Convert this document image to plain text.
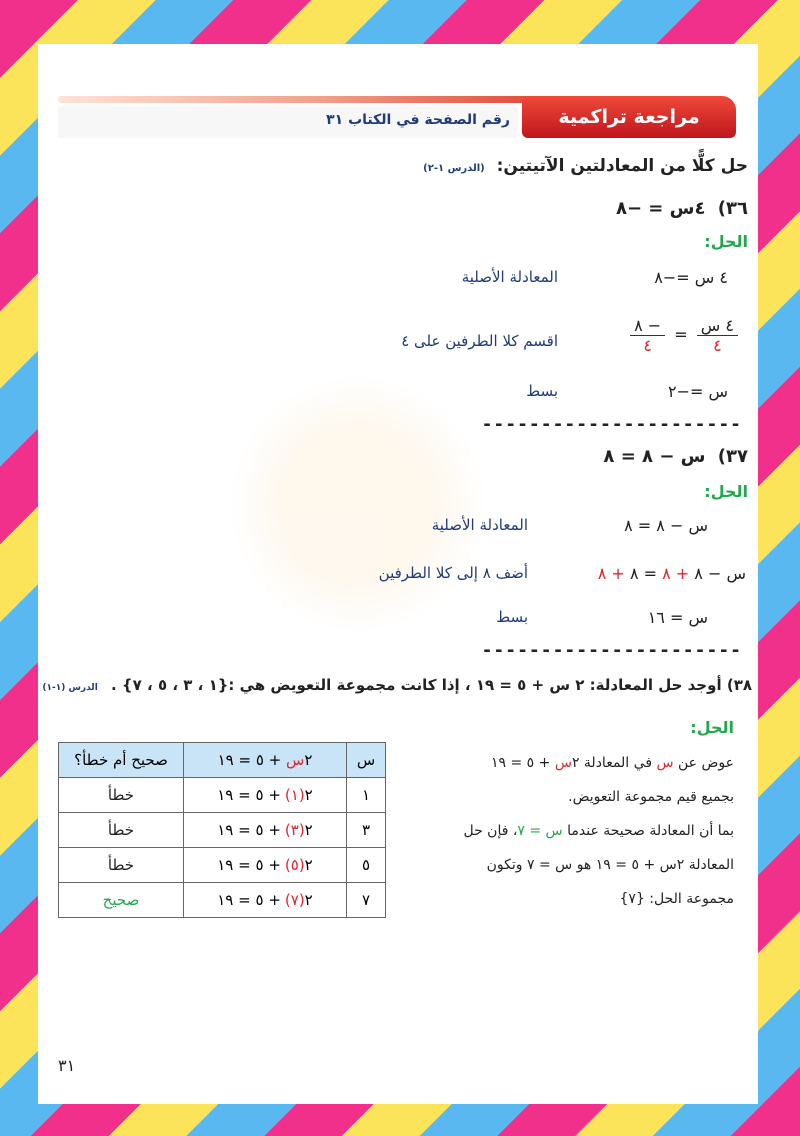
مراجعة تراكمية
رقم الصفحة في الكتاب ٣١
حل كلًّا من المعادلتين الآتيتين: (الدرس ١-٢)
٣٦) ٤س = −٨
الحل:
٤ س =−٨
المعادلة الأصلية
$\frac{\text{٤ س}}{٤}$
=
$\frac{- ٨}{٤}$
اقسم كلا الطرفين على ٤
س =−٢
بسط
----------------------
٣٧) س − ٨ = ٨
الحل:
س − ٨ = ٨
المعادلة الأصلية
س − ٨ + ٨ = ٨ + ٨
أضف ٨ إلى كلا الطرفين
س = ١٦
بسط
----------------------
٣٨) أوجد حل المعادلة: ٢ س + ٥ = ١٩ ، إذا كانت مجموعة التعويض هي :{١ ، ٣ ، ٥ ، ٧} . الدرس (١-١)
الحل:
عوض عن س في المعادلة ٢س + ٥ = ١٩
بجميع قيم مجموعة التعويض.
بما أن المعادلة صحيحة عندما س = ٧، فإن حل
المعادلة ٢س + ٥ = ١٩ هو س = ٧ وتكون
مجموعة الحل: {٧}
س	٢س + ٥ = ١٩	صحيح أم خطأ؟
١	٢(١)+ ٥ = ١٩	خطأ
٣	٢(٣)+ ٥ = ١٩	خطأ
٥	٢(٥)+ ٥ = ١٩	خطأ
٧	٢(٧)+ ٥ = ١٩	صحيح
٣١
